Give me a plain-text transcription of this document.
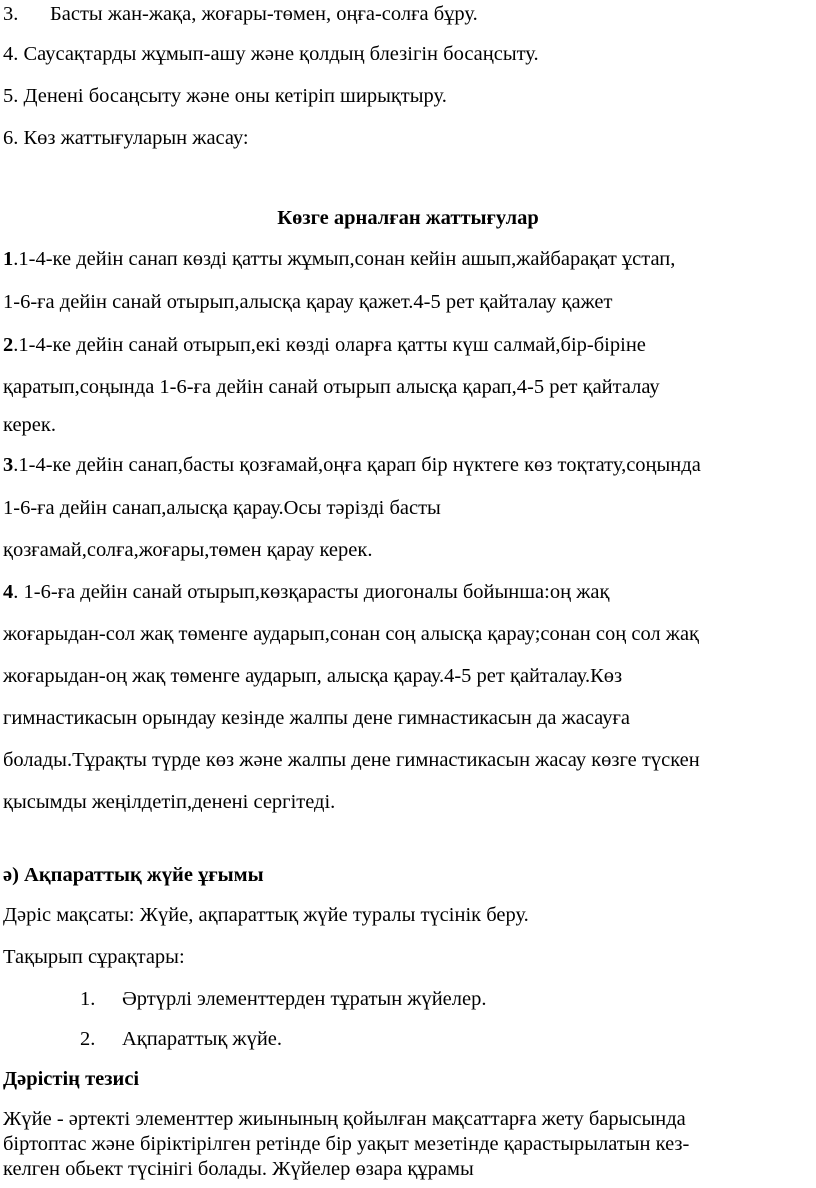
3. Басты жан-жақа, жоғары-төмен, оңға-солға бұру.
4. Саусақтарды жұмып-ашу және қолдың блезігін босаңсыту.
5. Денені босаңсыту және оны кетіріп ширықтыру.
6. Көз жаттығуларын жасау:
Көзге арналған жаттығулар
1.1-4-ке дейін санап көзді қатты жұмып,сонан кейін ашып,жайбарақат ұстап,
1-6-ға дейін санай отырып,алысқа қарау қажет.4-5 рет қайталау қажет
2.1-4-ке дейін санай отырып,екі көзді оларға қатты күш салмай,бір-біріне
қаратып,соңында 1-6-ға дейін санай отырып алысқа қарап,4-5 рет қайталау
керек.
3.1-4-ке дейін санап,басты қозғамай,оңға қарап бір нүктеге көз тоқтату,соңында
1-6-ға дейін санап,алысқа қарау.Осы тәрізді басты
қозғамай,солға,жоғары,төмен қарау керек.
4. 1-6-ға дейін санай отырып,көзқарасты диогоналы бойынша:оң жақ
жоғарыдан-сол жақ төменге аударып,сонан соң алысқа қарау;сонан соң сол жақ
жоғарыдан-оң жақ төменге аударып, алысқа қарау.4-5 рет қайталау.Көз
гимнастикасын орындау кезінде жалпы дене гимнастикасын да жасауға
болады.Тұрақты түрде көз және жалпы дене гимнастикасын жасау көзге түскен
қысымды жеңілдетіп,денені сергітеді.
ә) Ақпараттық жүйе ұғымы
Дәріс мақсаты: Жүйе, ақпараттық жүйе туралы түсінік беру.
Тақырып сұрақтары:
1. Әртүрлі элементтерден тұратын жүйелер.
2. Ақпараттық жүйе.
Дәрістің тезисі
Жүйе - әртекті элементтер жиынының қойылған мақсаттарға жету барысында
біртоптас және біріктірілген ретінде бір уақыт мезетінде қарастырылатын кез-
келген обьект түсінігі болады. Жүйелер өзара құрамы
